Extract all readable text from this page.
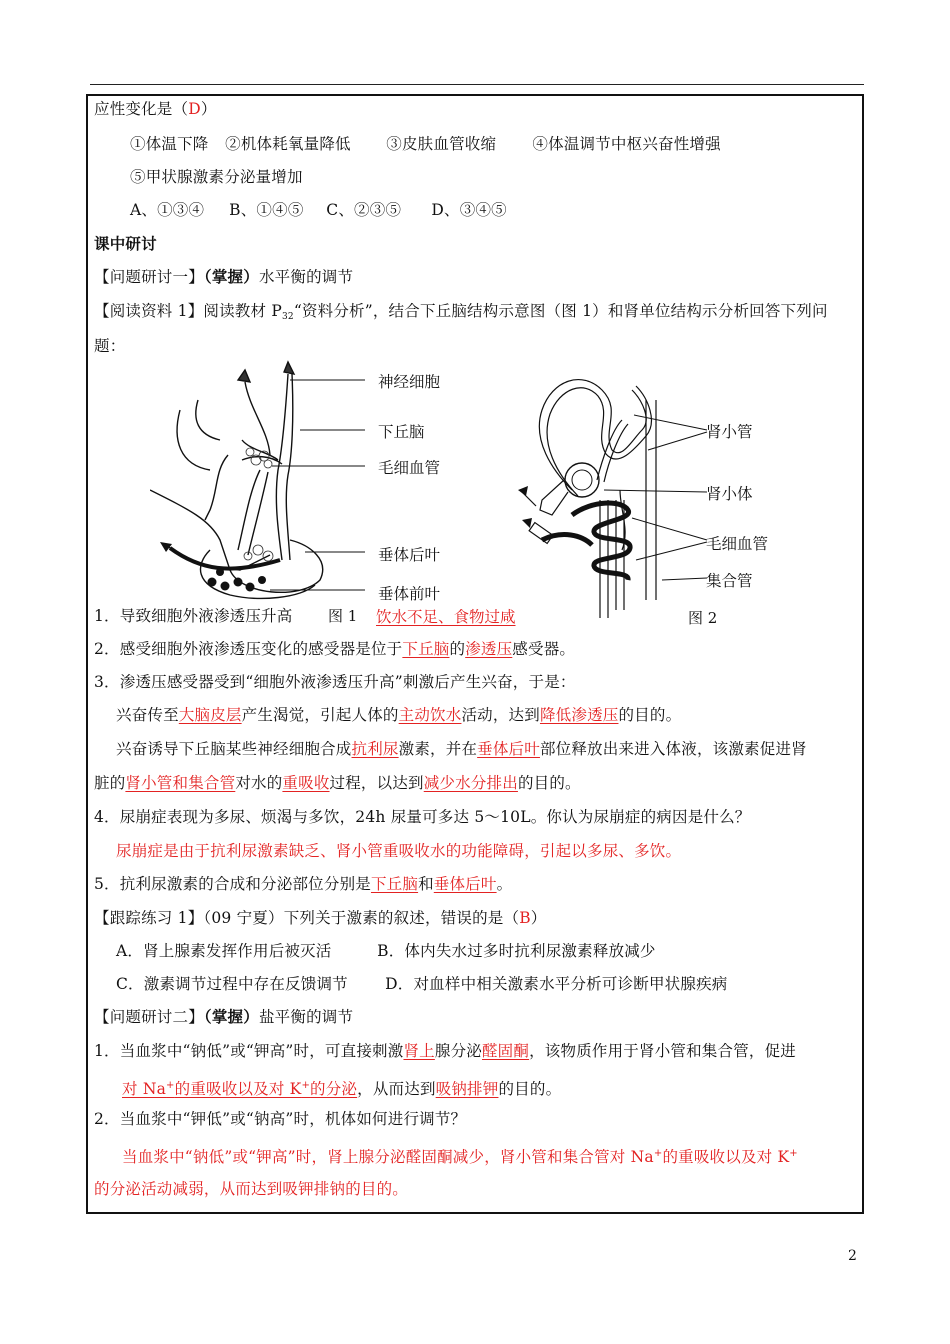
应性变化是（D）
①体温下降 ②机体耗氧量降低 ③皮肤血管收缩 ④体温调节中枢兴奋性增强
⑤甲状腺激素分泌量增加
A、①③④ B、①④⑤ C、②③⑤ D、③④⑤
课中研讨
【问题研讨一】（掌握）水平衡的调节
【阅读资料 1】阅读教材 $P_{32}“$资料分析”，结合下丘脑结构示意图（图 1）和肾单位结构示分析回答下列问
题：
神经细胞
下丘脑
毛细血管
垂体后叶
垂体前叶
肾小管
肾小体
毛细血管
集合管
1．导致细胞外液渗透压升高	图 1 饮水不足、食物过咸	图 2
2．感受细胞外液渗透压变化的感受器是位于下丘脑的渗透压感受器。
3．渗透压感受器受到“细胞外液渗透压升高”刺激后产生兴奋，于是：
兴奋传至大脑皮层产生渴觉，引起人体的主动饮水活动，达到降低渗透压的目的。
兴奋诱导下丘脑某些神经细胞合成抗利尿激素，并在垂体后叶部位释放出来进入体液，该激素促进肾
脏的肾小管和集合管对水的重吸收过程，以达到减少水分排出的目的。
4．尿崩症表现为多尿、烦渴与多饮，24h 尿量可多达 5～10L。你认为尿崩症的病因是什么？
尿崩症是由于抗利尿激素缺乏、肾小管重吸收水的功能障碍，引起以多尿、多饮。
5．抗利尿激素的合成和分泌部位分别是下丘脑和垂体后叶。
【跟踪练习 1】（09 宁夏）下列关于激素的叙述，错误的是（B）
A．肾上腺素发挥作用后被灭活	B．体内失水过多时抗利尿激素释放减少
C．激素调节过程中存在反馈调节 D．对血样中相关激素水平分析可诊断甲状腺疾病
【问题研讨二】（掌握）盐平衡的调节
1．当血浆中“钠低”或“钾高”时，可直接刺激肾上腺分泌醛固酮，该物质作用于肾小管和集合管，促进
对 Na+的重吸收以及对 K+的分泌，从而达到吸钠排钾的目的。
2．当血浆中“钾低”或“钠高”时，机体如何进行调节？
当血浆中“钠低”或“钾高”时，肾上腺分泌醛固酮减少，肾小管和集合管对 Na+的重吸收以及对 K+
的分泌活动减弱，从而达到吸钾排钠的目的。
2
